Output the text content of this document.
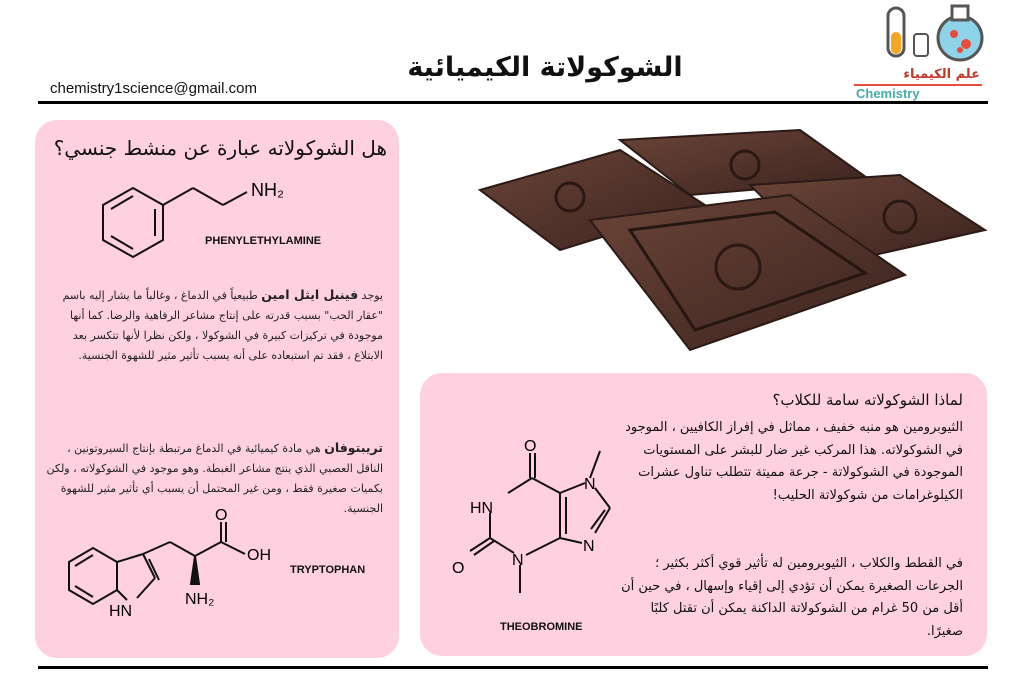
الشوكولاتة الكيميائية
chemistry1science@gmail.com
علم الكيمياء
Chemistry
هل الشوكولاته عبارة عن منشط جنسي؟
NH₂
PHENYLETHYLAMINE
يوجد فينيل ايثل امين طبيعياً في الدماغ ، وغالباً ما يشار إليه باسم "عقار الحب" بسبب قدرته على إنتاج مشاعر الرفاهية والرضا. كما أنها موجودة في تركيزات كبيرة في الشوكولا ، ولكن نظرا لأنها تتكسر بعد الابتلاع ، فقد تم استبعاده على أنه يسبب تأثير مثير للشهوة الجنسية.
تريبتوفان هي مادة كيميائية في الدماغ مرتبطة بإنتاج السيروتونين ، الناقل العصبي الذي ينتج مشاعر الغبطة. وهو موجود في الشوكولاته ، ولكن بكميات صغيرة فقط ، ومن غير المحتمل أن يسبب أي تأثير مثير للشهوة الجنسية.
O
OH
NH₂
HN
TRYPTOPHAN
لماذا الشوكولاته سامة للكلاب؟
الثيوبرومين هو منبه خفيف ، مماثل في إفراز الكافيين ، الموجود في الشوكولاته. هذا المركب غير ضار للبشر على المستويات الموجودة في الشوكولاتة - جرعة مميتة تتطلب تناول عشرات الكيلوغرامات من شوكولاتة الحليب!
في القطط والكلاب ، الثيوبرومين له تأثير قوي أكثر بكثير ؛ الجرعات الصغيرة يمكن أن تؤدي إلى إقياء وإسهال ، في حين أن أقل من 50 غرام من الشوكولاتة الداكنة يمكن أن تقتل كلبًا صغيرًا.
O
HN
O	N
N
N
THEOBROMINE
